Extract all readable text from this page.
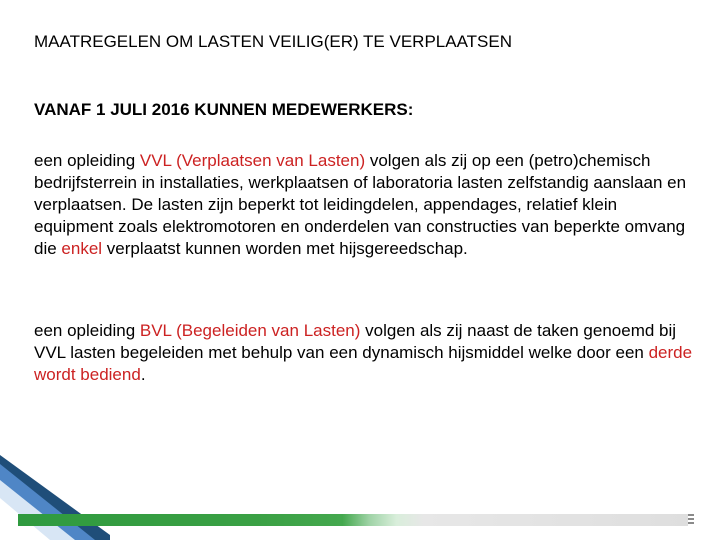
MAATREGELEN OM LASTEN VEILIG(ER) TE VERPLAATSEN
VANAF 1 JULI 2016 KUNNEN MEDEWERKERS:
een opleiding VVL (Verplaatsen van Lasten) volgen als zij op een (petro)chemisch bedrijfsterrein in installaties, werkplaatsen of laboratoria lasten zelfstandig aanslaan en verplaatsen. De lasten zijn beperkt tot leidingdelen, appendages, relatief klein equipment zoals elektromotoren en onderdelen van constructies van beperkte omvang die enkel verplaatst kunnen worden met hijsgereedschap.
een opleiding BVL (Begeleiden van Lasten) volgen als zij naast de taken genoemd bij VVL lasten begeleiden met behulp van een dynamisch hijsmiddel welke door een derde wordt bediend.
